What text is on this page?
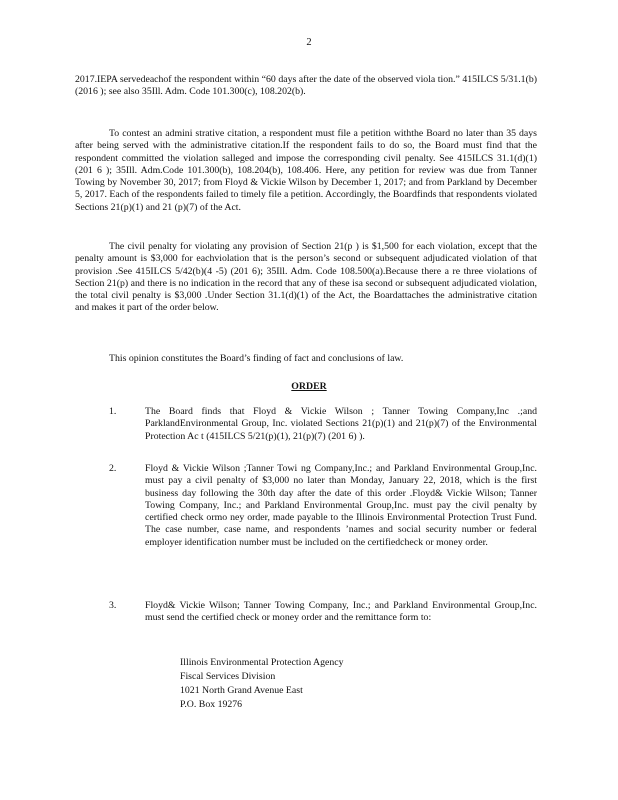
2
2017.IEPA servedeachof the respondent within “60 days after the date of the observed viola tion.” 415ILCS 5/31.1(b) (2016 ); see also 35Ill. Adm. Code 101.300(c), 108.202(b).
To contest an admini strative citation, a respondent must file a petition withthe Board no later than 35 days after being served with the administrative citation.If the respondent fails to do so, the Board must find that the respondent committed the violation salleged and impose the corresponding civil penalty. See 415ILCS 31.1(d)(1) (201 6 ); 35Ill. Adm.Code 101.300(b), 108.204(b), 108.406. Here, any petition for review was due from Tanner Towing by November 30, 2017; from Floyd & Vickie Wilson by December 1, 2017; and from Parkland by December 5, 2017. Each of the respondents failed to timely file a petition. Accordingly, the Boardfinds that respondents violated Sections 21(p)(1) and 21 (p)(7) of the Act.
The civil penalty for violating any provision of Section 21(p ) is $1,500 for each violation, except that the penalty amount is $3,000 for eachviolation that is the person’s second or subsequent adjudicated violation of that provision .See 415ILCS 5/42(b)(4 -5) (201 6); 35Ill. Adm. Code 108.500(a).Because there a re three violations of Section 21(p) and there is no indication in the record that any of these isa second or subsequent adjudicated violation, the total civil penalty is $3,000 .Under Section 31.1(d)(1) of the Act, the Boardattaches the administrative citation and makes it part of the order below.
This opinion constitutes the Board’s finding of fact and conclusions of law.
ORDER
1.	The Board finds that Floyd & Vickie Wilson ; Tanner Towing Company,Inc .;and ParklandEnvironmental Group, Inc. violated Sections 21(p)(1) and 21(p)(7) of the Environmental Protection Ac t (415ILCS 5/21(p)(1), 21(p)(7) (201 6) ).
2.	Floyd & Vickie Wilson ;Tanner Towi ng Company,Inc.; and Parkland Environmental Group,Inc. must pay a civil penalty of $3,000 no later than Monday, January 22, 2018, which is the first business day following the 30th day after the date of this order .Floyd& Vickie Wilson; Tanner Towing Company, Inc.; and Parkland Environmental Group,Inc. must pay the civil penalty by certified check ormo ney order, made payable to the Illinois Environmental Protection Trust Fund. The case number, case name, and respondents ’names and social security number or federal employer identification number must be included on the certifiedcheck or money order.
3.	Floyd& Vickie Wilson; Tanner Towing Company, Inc.; and Parkland Environmental Group,Inc. must send the certified check or money order and the remittance form to:
Illinois Environmental Protection Agency
Fiscal Services Division
1021 North Grand Avenue East
P.O. Box 19276
